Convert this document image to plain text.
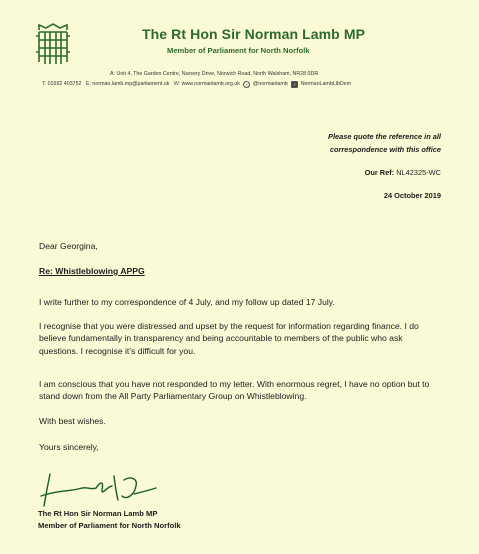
The Rt Hon Sir Norman Lamb MP
Member of Parliament for North Norfolk
A: Unit 4, The Garden Centre, Nursery Drive, Norwich Road, North Walsham, NR28 0DR
T: 01692 403752 E: norman.lamb.mp@parliament.uk W: www.normanlamb.org.uk t @normanlamb f NormanLambLibDem
Please quote the reference in all
correspondence with this office
Our Ref: NL42325-WC
24 October 2019
Dear Georgina,
Re: Whistleblowing APPG
I write further to my correspondence of 4 July, and my follow up dated 17 July.
I recognise that you were distressed and upset by the request for information regarding finance. I do believe fundamentally in transparency and being accountable to members of the public who ask questions. I recognise it’s difficult for you.
I am conscious that you have not responded to my letter. With enormous regret, I have no option but to stand down from the All Party Parliamentary Group on Whistleblowing.
With best wishes.
Yours sincerely,
The Rt Hon Sir Norman Lamb MP
Member of Parliament for North Norfolk
